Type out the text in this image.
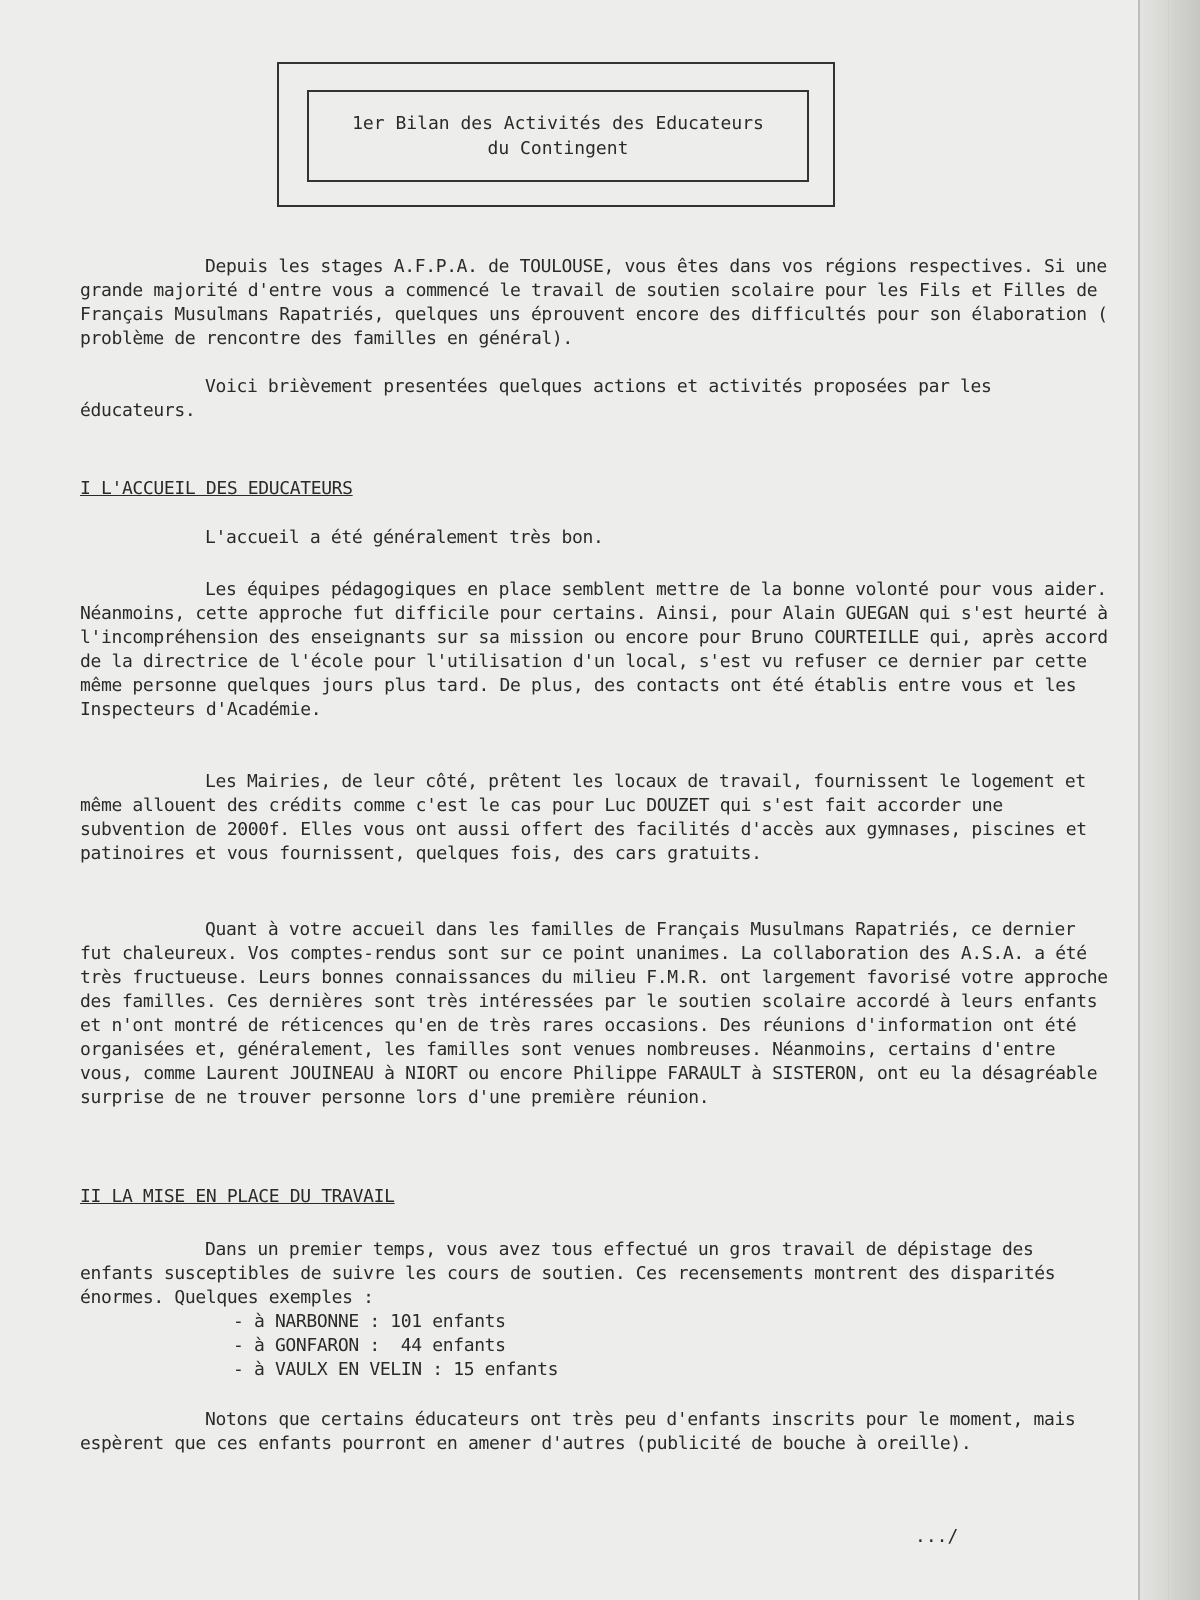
1er Bilan des Activités des Educateurs
du Contingent

Depuis les stages A.F.P.A. de TOULOUSE, vous êtes dans vos régions respectives. Si une grande majorité d'entre vous a commencé le travail de soutien scolaire pour les Fils et Filles de Français Musulmans Rapatriés, quelques uns éprouvent encore des difficultés pour son élaboration ( problème de rencontre des familles en général).

Voici brièvement presentées quelques actions et activités proposées par les éducateurs.

I L'ACCUEIL DES EDUCATEURS

L'accueil a été généralement très bon.

Les équipes pédagogiques en place semblent mettre de la bonne volonté pour vous aider. Néanmoins, cette approche fut difficile pour certains. Ainsi, pour Alain GUEGAN qui s'est heurté à l'incompréhension des enseignants sur sa mission ou encore pour Bruno COURTEILLE qui, après accord de la directrice de l'école pour l'utilisation d'un local, s'est vu refuser ce dernier par cette même personne quelques jours plus tard. De plus, des contacts ont été établis entre vous et les Inspecteurs d'Académie.

Les Mairies, de leur côté, prêtent les locaux de travail, fournissent le logement et même allouent des crédits comme c'est le cas pour Luc DOUZET qui s'est fait accorder une subvention de 2000f. Elles vous ont aussi offert des facilités d'accès aux gymnases, piscines et patinoires et vous fournissent, quelques fois, des cars gratuits.

Quant à votre accueil dans les familles de Français Musulmans Rapatriés, ce dernier fut chaleureux. Vos comptes-rendus sont sur ce point unanimes. La collaboration des A.S.A. a été très fructueuse. Leurs bonnes connaissances du milieu F.M.R. ont largement favorisé votre approche des familles. Ces dernières sont très intéressées par le soutien scolaire accordé à leurs enfants et n'ont montré de réticences qu'en de très rares occasions. Des réunions d'information ont été organisées et, généralement, les familles sont venues nombreuses. Néanmoins, certains d'entre vous, comme Laurent JOUINEAU à NIORT ou encore Philippe FARAULT à SISTERON, ont eu la désagréable surprise de ne trouver personne lors d'une première réunion.

II LA MISE EN PLACE DU TRAVAIL

Dans un premier temps, vous avez tous effectué un gros travail de dépistage des enfants susceptibles de suivre les cours de soutien. Ces recensements montrent des disparités énormes. Quelques exemples :

- à NARBONNE : 101 enfants
- à GONFARON :  44 enfants
- à VAULX EN VELIN : 15 enfants

Notons que certains éducateurs ont très peu d'enfants inscrits pour le moment, mais espèrent que ces enfants pourront en amener d'autres (publicité de bouche à oreille).

.../
